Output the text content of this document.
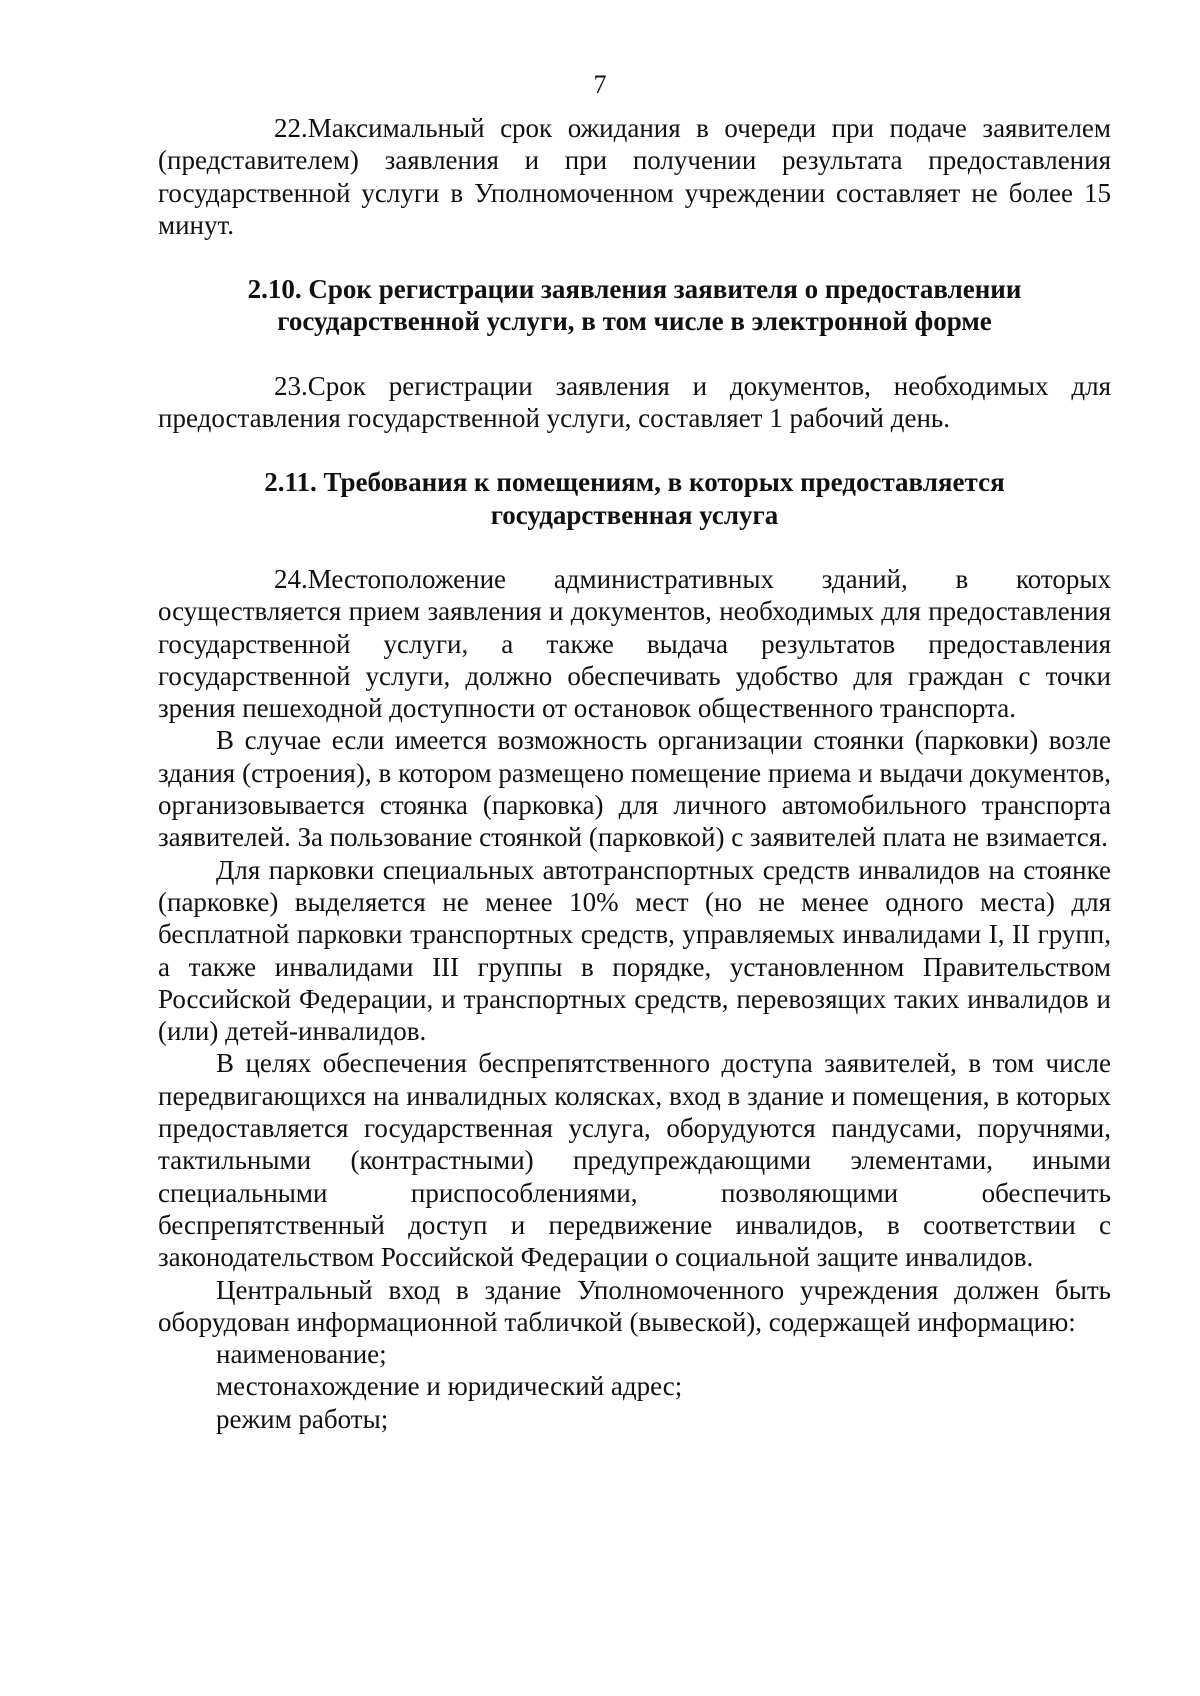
7

22.Максимальный срок ожидания в очереди при подаче заявителем (представителем) заявления и при получении результата предоставления государственной услуги в Уполномоченном учреждении составляет не более 15 минут.

2.10. Срок регистрации заявления заявителя о предоставлении
государственной услуги, в том числе в электронной форме

23.Срок регистрации заявления и документов, необходимых для предоставления государственной услуги, составляет 1 рабочий день.

2.11. Требования к помещениям, в которых предоставляется
государственная услуга

24.Местоположение административных зданий, в которых осуществляется прием заявления и документов, необходимых для предоставления государственной услуги, а также выдача результатов предоставления государственной услуги, должно обеспечивать удобство для граждан с точки зрения пешеходной доступности от остановок общественного транспорта.

В случае если имеется возможность организации стоянки (парковки) возле здания (строения), в котором размещено помещение приема и выдачи документов, организовывается стоянка (парковка) для личного автомобильного транспорта заявителей. За пользование стоянкой (парковкой) с заявителей плата не взимается.

Для парковки специальных автотранспортных средств инвалидов на стоянке (парковке) выделяется не менее 10% мест (но не менее одного места) для бесплатной парковки транспортных средств, управляемых инвалидами I, II групп, а также инвалидами III группы в порядке, установленном Правительством Российской Федерации, и транспортных средств, перевозящих таких инвалидов и (или) детей-инвалидов.

В целях обеспечения беспрепятственного доступа заявителей, в том числе передвигающихся на инвалидных колясках, вход в здание и помещения, в которых предоставляется государственная услуга, оборудуются пандусами, поручнями, тактильными (контрастными) предупреждающими элементами, иными специальными приспособлениями, позволяющими обеспечить беспрепятственный доступ и передвижение инвалидов, в соответствии с законодательством Российской Федерации о социальной защите инвалидов.

Центральный вход в здание Уполномоченного учреждения должен быть оборудован информационной табличкой (вывеской), содержащей информацию:

наименование;

местонахождение и юридический адрес;

режим работы;
